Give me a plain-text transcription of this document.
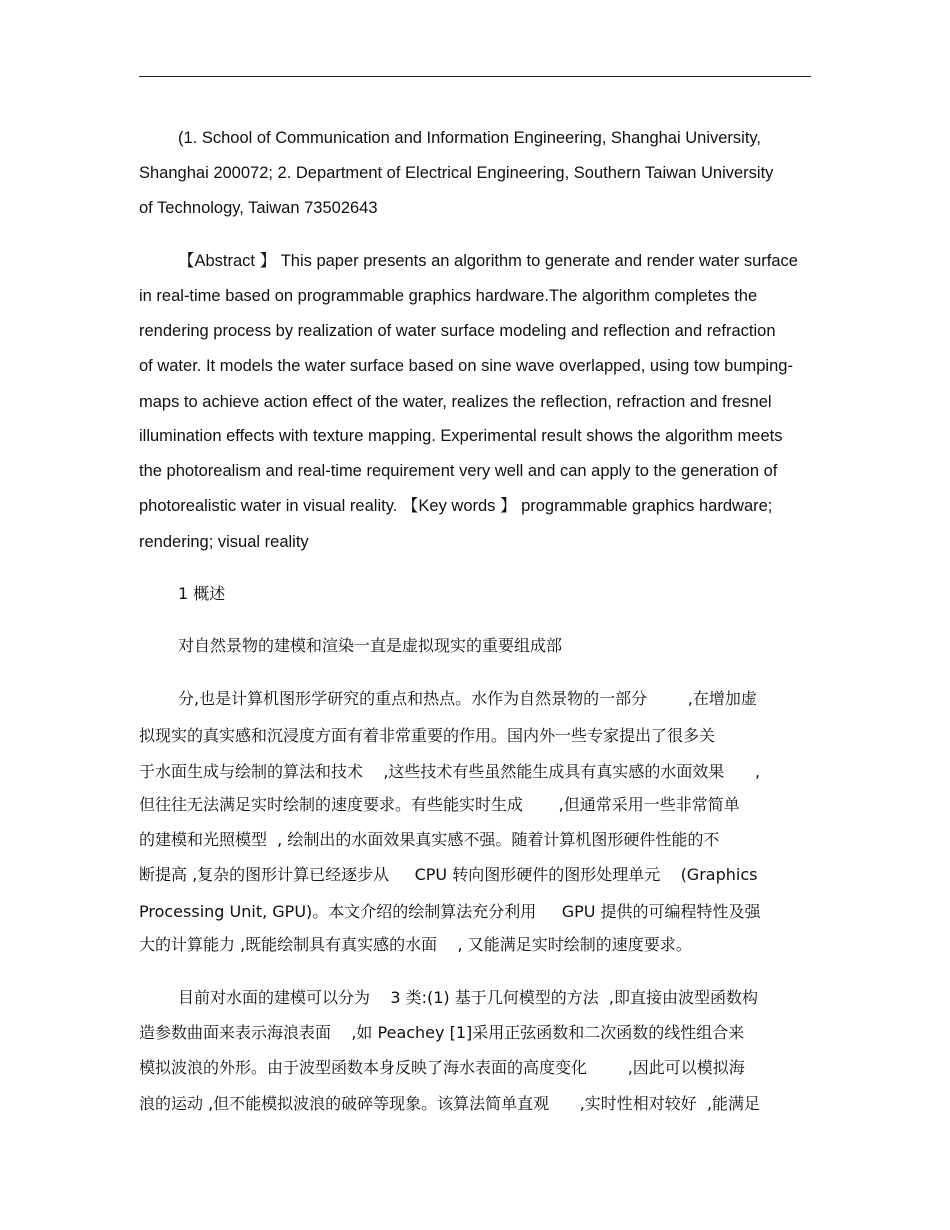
(1. School of Communication and Information Engineering, Shanghai University,
Shanghai 200072; 2. Department of Electrical Engineering, Southern Taiwan University
of Technology, Taiwan 73502643
【Abstract 】 This paper presents an algorithm to generate and render water surface
in real-time based on programmable graphics hardware.The algorithm completes the
rendering process by realization of water surface modeling and reflection and refraction
of water. It models the water surface based on sine wave overlapped, using tow bumping-
maps to achieve action effect of the water, realizes the reflection, refraction and fresnel
illumination effects with texture mapping. Experimental result shows the algorithm meets
the photorealism and real-time requirement very well and can apply to the generation of
photorealistic water in visual reality. 【Key words 】 programmable graphics hardware;
rendering; visual reality
1 概述
对自然景物的建模和渲染一直是虚拟现实的重要组成部
分,也是计算机图形学研究的重点和热点。水作为自然景物的一部分        ,在增加虚
拟现实的真实感和沉浸度方面有着非常重要的作用。国内外一些专家提出了很多关
于水面生成与绘制的算法和技术    ,这些技术有些虽然能生成具有真实感的水面效果      ,
但往往无法满足实时绘制的速度要求。有些能实时生成       ,但通常采用一些非常简单
的建模和光照模型  , 绘制出的水面效果真实感不强。随着计算机图形硬件性能的不
断提高 ,复杂的图形计算已经逐步从     CPU 转向图形硬件的图形处理单元    (Graphics
Processing Unit, GPU)。本文介绍的绘制算法充分利用     GPU 提供的可编程特性及强
大的计算能力 ,既能绘制具有真实感的水面    , 又能满足实时绘制的速度要求。
目前对水面的建模可以分为    3 类:(1) 基于几何模型的方法  ,即直接由波型函数构
造参数曲面来表示海浪表面    ,如 Peachey [1]采用正弦函数和二次函数的线性组合来
模拟波浪的外形。由于波型函数本身反映了海水表面的高度变化        ,因此可以模拟海
浪的运动 ,但不能模拟波浪的破碎等现象。该算法简单直观      ,实时性相对较好  ,能满足
